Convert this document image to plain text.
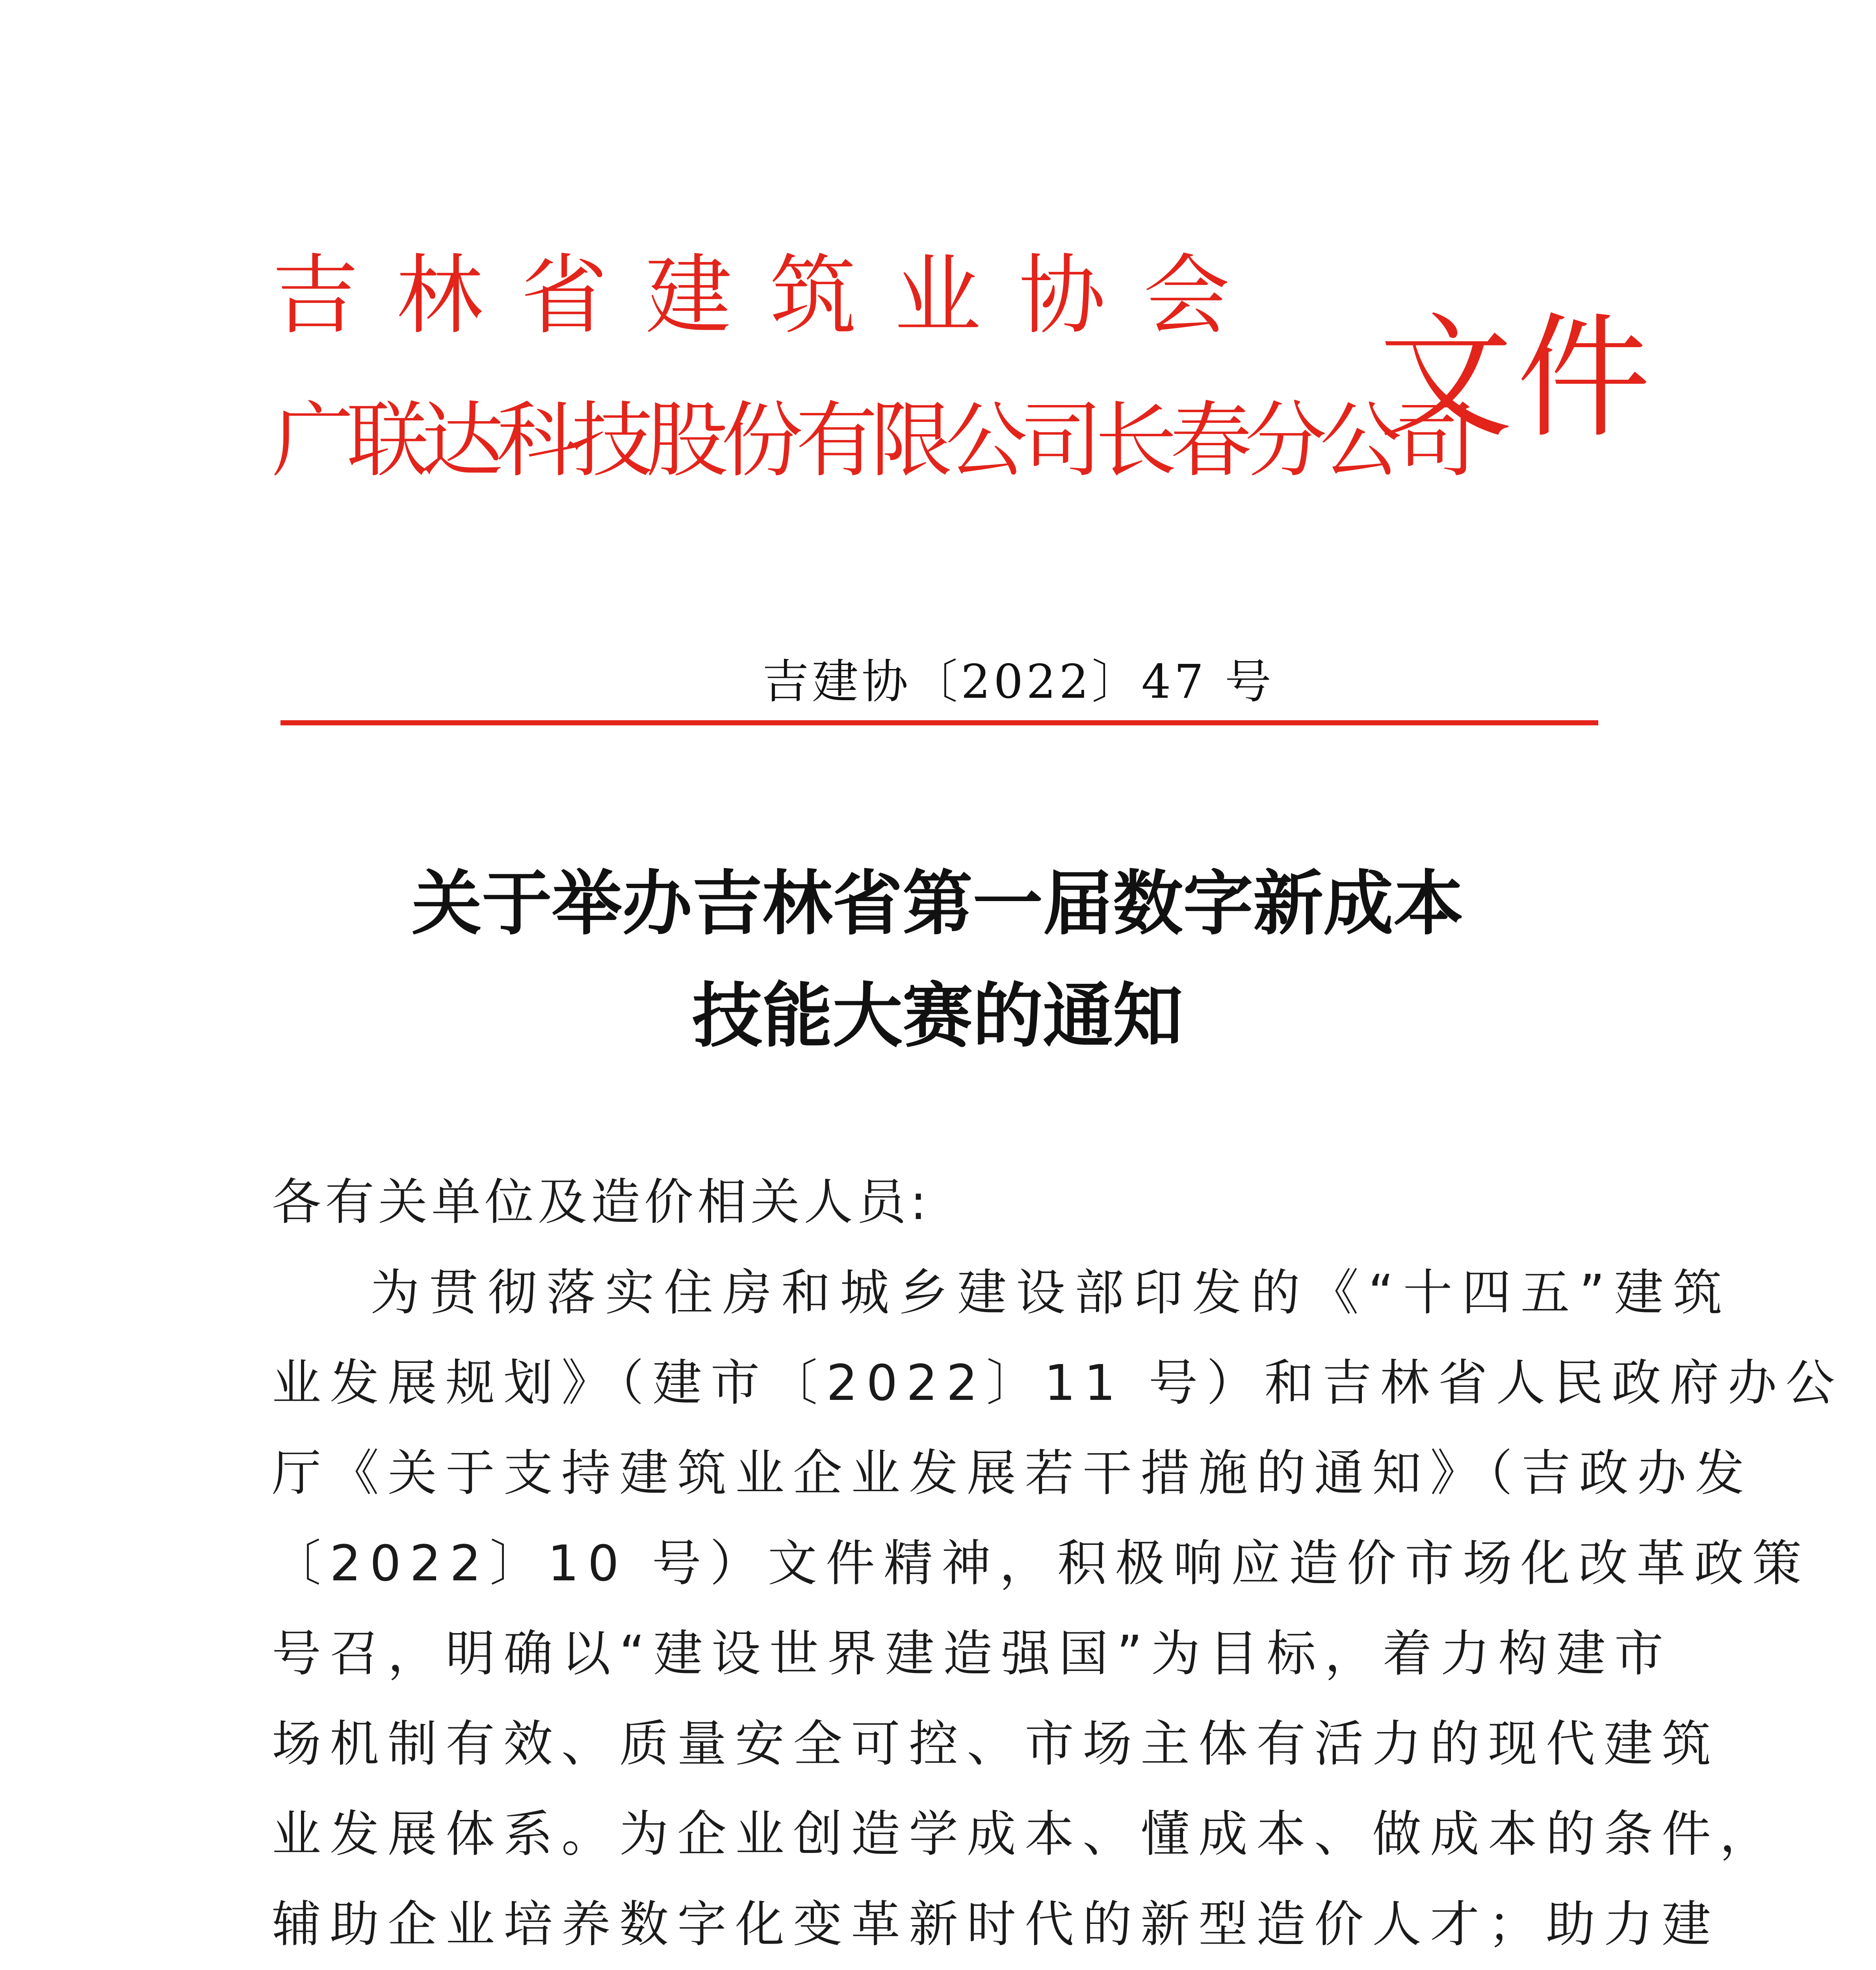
吉林省建筑业协会
广联达科技股份有限公司长春分公司
文件
吉建协〔2022〕47 号
关于举办吉林省第一届数字新成本
技能大赛的通知
各有关单位及造价相关人员:
为贯彻落实住房和城乡建设部印发的《“十四五”建筑
业发展规划》（建市〔2022〕11 号）和吉林省人民政府办公
厅《关于支持建筑业企业发展若干措施的通知》（吉政办发
〔2022〕10 号）文件精神，积极响应造价市场化改革政策
号召，明确以“建设世界建造强国”为目标，着力构建市
场机制有效、质量安全可控、市场主体有活力的现代建筑
业发展体系。为企业创造学成本、懂成本、做成本的条件，
辅助企业培养数字化变革新时代的新型造价人才；助力建
